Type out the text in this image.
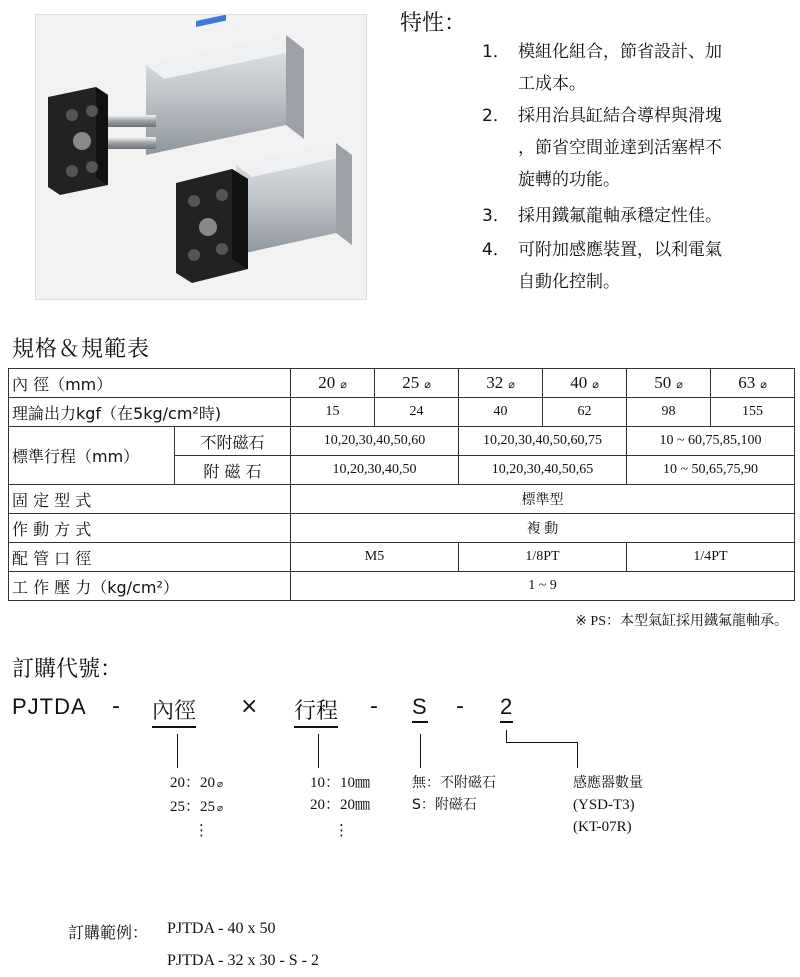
特性：
1． 模組化組合，節省設計、加
工成本。
2． 採用治具缸結合導桿與滑塊
，節省空間並達到活塞桿不
旋轉的功能。
3． 採用鐵氟龍軸承穩定性佳。
4． 可附加感應裝置，以利電氣
自動化控制。
規格＆規範表
內 徑（mm）		20 ⌀	25 ⌀	32 ⌀	40 ⌀	50 ⌀	63 ⌀
理論出力kgf（在5kg/cm²時)		15	24	40	62	98	155
標準行程（mm）	不附磁石	10,20,30,40,50,60		10,20,30,40,50,60,75		10 ~ 60,75,85,100	
	附 磁 石	10,20,30,40,50		10,20,30,40,50,65		10 ~ 50,65,75,90	
固 定 型 式		標準型					
作 動 方 式		複 動					
配 管 口 徑		M5		1/8PT		1/4PT	
工 作 壓 力（kg/cm²）		1 ~ 9					
※ PS：本型氣缸採用鐵氟龍軸承。
訂購代號：
PJTDA - 內徑 × 行程 - S - 2
20：20 ⌀
25：25 ⌀
⋮
10：10㎜
20：20㎜
⋮
無：不附磁石
S：附磁石
感應器數量
(YSD-T3)
(KT-07R)
訂購範例： PJTDA - 40 x 50
PJTDA - 32 x 30 - S - 2
